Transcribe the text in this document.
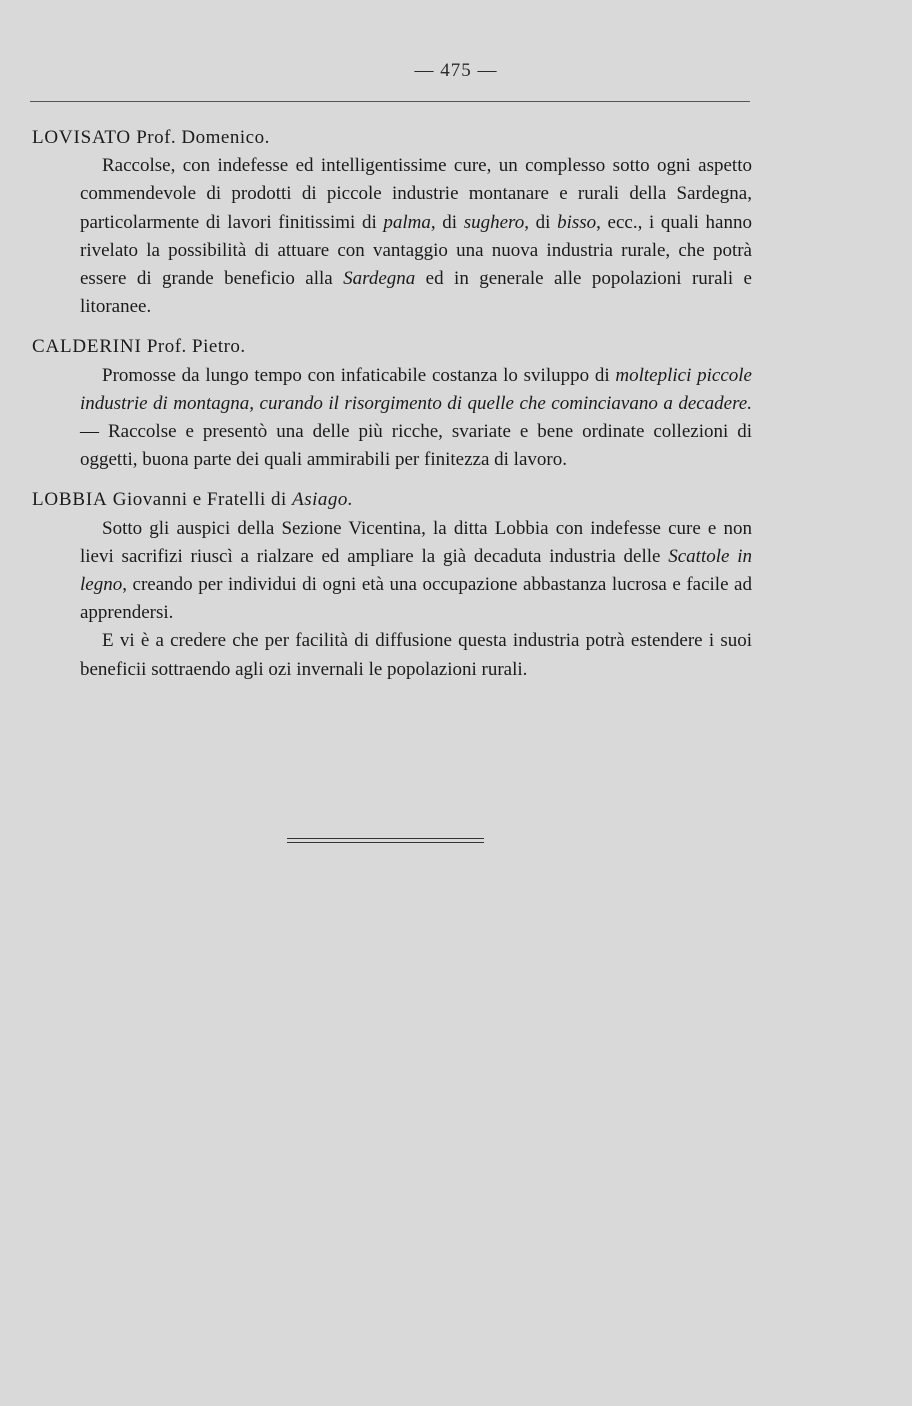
— 475 —

LOVISATO Prof. Domenico.

Raccolse, con indefesse ed intelligentissime cure, un complesso sotto ogni aspetto commendevole di prodotti di piccole industrie montanare e rurali della Sardegna, particolarmente di lavori finitissimi di palma, di sughero, di bisso, ecc., i quali hanno rivelato la possibilità di attuare con vantaggio una nuova industria rurale, che potrà essere di grande beneficio alla Sardegna ed in generale alle popolazioni rurali e litoranee.

CALDERINI Prof. Pietro.

Promosse da lungo tempo con infaticabile costanza lo sviluppo di molteplici piccole industrie di montagna, curando il risorgimento di quelle che cominciavano a decadere. — Raccolse e presentò una delle più ricche, svariate e bene ordinate collezioni di oggetti, buona parte dei quali ammirabili per finitezza di lavoro.

LOBBIA Giovanni e Fratelli di Asiago.

Sotto gli auspici della Sezione Vicentina, la ditta Lobbia con indefesse cure e non lievi sacrifizi riuscì a rialzare ed ampliare la già decaduta industria delle Scattole in legno, creando per individui di ogni età una occupazione abbastanza lucrosa e facile ad apprendersi.

E vi è a credere che per facilità di diffusione questa industria potrà estendere i suoi beneficii sottraendo agli ozi invernali le popolazioni rurali.
